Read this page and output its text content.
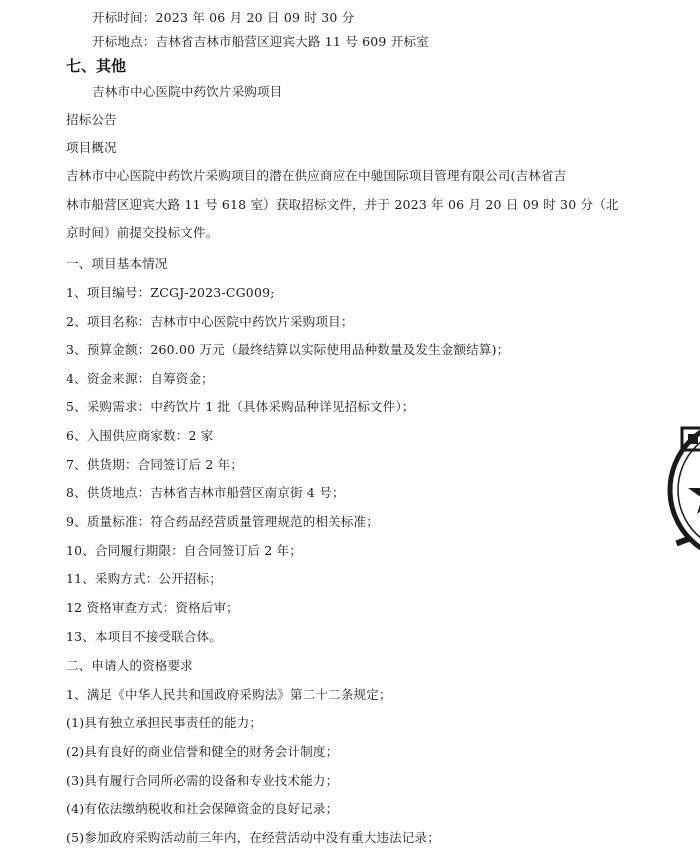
开标时间：2023 年 06 月 20 日 09 时 30 分
开标地点：吉林省吉林市船营区迎宾大路 11 号 609 开标室
七、其他
吉林市中心医院中药饮片采购项目
招标公告
项目概况
吉林市中心医院中药饮片采购项目的潜在供应商应在中驰国际项目管理有限公司(吉林省吉
林市船营区迎宾大路 11 号 618 室）获取招标文件，并于 2023 年 06 月 20 日 09 时 30 分（北
京时间）前提交投标文件。
一、项目基本情况
1、项目编号：ZCGJ-2023-CG009;
2、项目名称：吉林市中心医院中药饮片采购项目；
3、预算金额：260.00 万元（最终结算以实际使用品种数量及发生金额结算)；
4、资金来源：自筹资金；
5、采购需求：中药饮片 1 批（具体采购品种详见招标文件）；
6、入围供应商家数：2 家
7、供货期：合同签订后 2 年；
8、供货地点：吉林省吉林市船营区南京街 4 号；
9、质量标准：符合药品经营质量管理规范的相关标准；
10、合同履行期限：自合同签订后 2 年；
11、采购方式：公开招标；
12 资格审查方式：资格后审；
13、本项目不接受联合体。
二、申请人的资格要求
1、满足《中华人民共和国政府采购法》第二十二条规定；
(1)具有独立承担民事责任的能力；
(2)具有良好的商业信誉和健全的财务会计制度；
(3)具有履行合同所必需的设备和专业技术能力；
(4)有依法缴纳税收和社会保障资金的良好记录；
(5)参加政府采购活动前三年内，在经营活动中没有重大违法记录；
